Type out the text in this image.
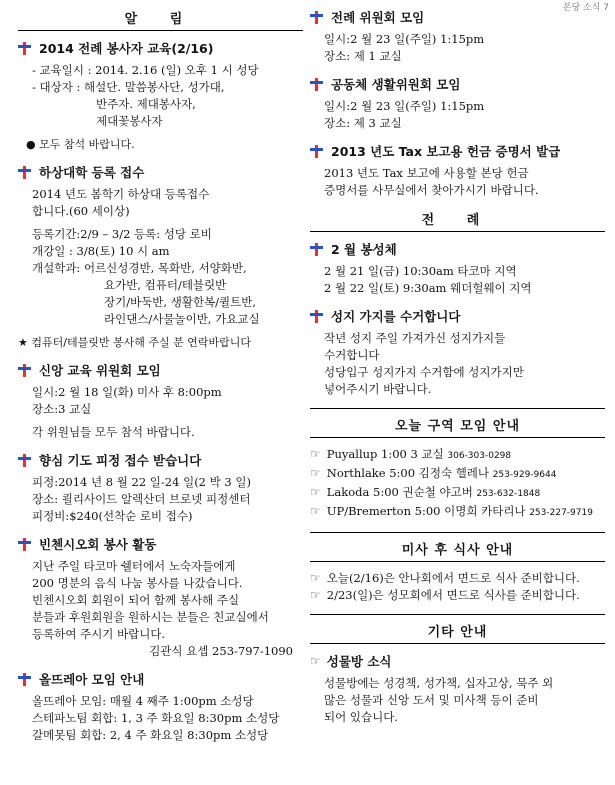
본당 소식 7
알 림
2014 전례 봉사자 교육(2/16)
- 교육일시 : 2014. 2.16 (일) 오후 1 시 성당
- 대상자 : 해설단. 말씀봉사단, 성가대,
반주자. 제대봉사자,
제대꽃봉사자
● 모두 참석 바랍니다.
하상대학 등록 접수
2014 년도 봄학기 하상대 등록접수
합니다.(60 세이상)
등록기간:2/9 – 3/2 등록: 성당 로비
개강일 : 3/8(토) 10 시 am
개설학과: 어르신성경반, 목화반, 서양화반,
요가반, 컴퓨터/테블릿반
장기/바둑반, 생활한복/퀼트반,
라인댄스/사물놀이반, 가요교실
★ 컴퓨터/테블릿반 봉사해 주실 분 연락바랍니다
신앙 교육 위원회 모임
일시:2 월 18 일(화) 미사 후 8:00pm
장소:3 교실
각 위원님들 모두 참석 바랍니다.
향심 기도 피정 접수 받습니다
피정:2014 년 8 월 22 일-24 일(2 박 3 일)
장소: 쾰리사이드 알렉산더 브로넷 피정센터
피정비:$240(선착순 로비 접수)
빈첸시오회 봉사 활동
지난 주일 타코마 쉘터에서 노숙자들에게
200 명분의 음식 나눔 봉사를 나갔습니다.
빈첸시오회 회원이 되어 함께 봉사해 주실
분들과 후원회원을 원하시는 분들은 친교실에서
등록하여 주시기 바랍니다.
김관식 요셉 253-797-1090
올뜨레아 모임 안내
올뜨레아 모임: 매월 4 째주 1:00pm 소성당
스테파노팀 회합: 1, 3 주 화요일 8:30pm 소성당
갈메못팀 회합: 2, 4 주 화요일 8:30pm 소성당
전례 위원회 모임
일시:2 월 23 일(주일) 1:15pm
장소: 제 1 교실
공동체 생활위원회 모임
일시:2 월 23 일(주일) 1:15pm
장소: 제 3 교실
2013 년도 Tax 보고용 헌금 증명서 발급
2013 년도 Tax 보고에 사용할 본당 헌금
증명서를 사무실에서 찾아가시기 바랍니다.
전 례
2 월 봉성체
2 월 21 일(금) 10:30am 타코마 지역
2 월 22 일(토) 9:30am 웨더헐웨이 지역
성지 가지를 수거합니다
작년 성지 주일 가져가신 성지가지들
수거합니다
성당입구 성지가지 수거함에 성지가지만
넣어주시기 바랍니다.
오늘 구역 모임 안내
☞ Puyallup 1:00 3 교실 306-303-0298
☞ Northlake 5:00 김정숙 헬레나 253-929-9644
☞ Lakoda 5:00 권순철 야고버 253-632-1848
☞ UP/Bremerton 5:00 이명희 카타리나 253-227-9719
미사 후 식사 안내
☞ 오늘(2/16)은 안나회에서 면드로 식사 준비합니다.
☞ 2/23(일)은 성모회에서 면드로 식사를 준비합니다.
기타 안내
☞ 성물방 소식
성물방에는 성경책, 성가책, 십자고상, 묵주 외
많은 성물과 신앙 도서 및 미사책 등이 준비
되어 있습니다.
